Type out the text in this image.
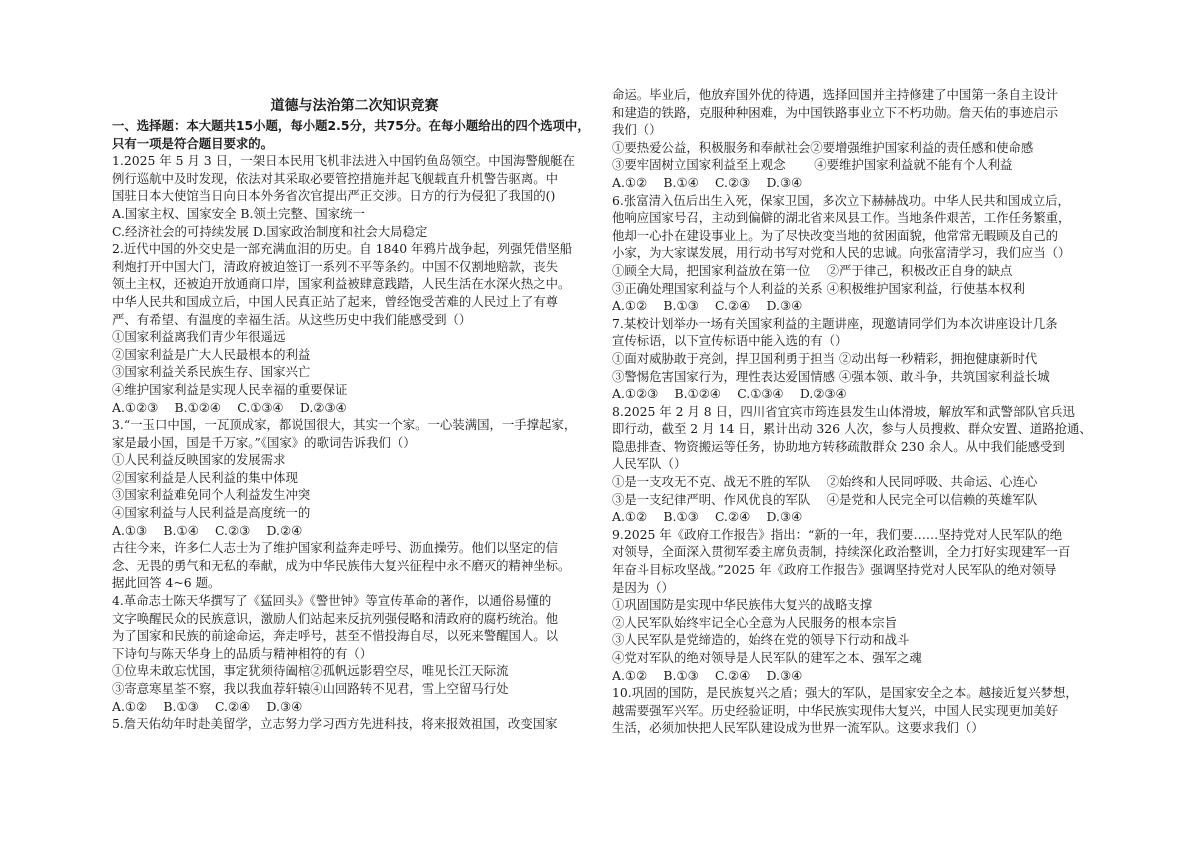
道德与法治第二次知识竞赛

一、选择题：本大题共15小题，每小题2.5分，共75分。在每小题给出的四个选项中，只有一项是符合题目要求的。

1.2025 年 5 月 3 日，一架日本民用飞机非法进入中国钓鱼岛领空。中国海警舰艇在
例行巡航中及时发现，依法对其采取必要管控措施并起飞舰载直升机警告驱离。中
国驻日本大使馆当日向日本外务省次官提出严正交涉。日方的行为侵犯了我国的()
A.国家主权、国家安全 B.领土完整、国家统一
C.经济社会的可持续发展 D.国家政治制度和社会大局稳定
2.近代中国的外交史是一部充满血泪的历史。自 1840 年鸦片战争起，列强凭借坚船
利炮打开中国大门，清政府被迫签订一系列不平等条约。中国不仅割地赔款，丧失
领土主权，还被迫开放通商口岸，国家利益被肆意践踏，人民生活在水深火热之中。
中华人民共和国成立后，中国人民真正站了起来，曾经饱受苦难的人民过上了有尊
严、有希望、有温度的幸福生活。从这些历史中我们能感受到（）
①国家利益离我们青少年很遥远
②国家利益是广大人民最根本的利益
③国家利益关系民族生存、国家兴亡
④维护国家利益是实现人民幸福的重要保证
A.①②③　 B.①②④　 C.①③④　 D.②③④
3.“一玉口中国，一瓦顶成家，都说国很大，其实一个家。一心装满国，一手撑起家，
家是最小国，国是千万家。”《国家》的歌词告诉我们（）
①人民利益反映国家的发展需求
②国家利益是人民利益的集中体现
③国家利益难免同个人利益发生冲突
④国家利益与人民利益是高度统一的
A.①③　 B.①④　 C.②③　 D.②④
古往今来，许多仁人志士为了维护国家利益奔走呼号、沥血操劳。他们以坚定的信
念、无畏的勇气和无私的奉献，成为中华民族伟大复兴征程中永不磨灭的精神坐标。
据此回答 4~6 题。
4.革命志士陈天华撰写了《猛回头》《警世钟》等宣传革命的著作，以通俗易懂的
文字唤醒民众的民族意识，激励人们站起来反抗列强侵略和清政府的腐朽统治。他
为了国家和民族的前途命运，奔走呼号，甚至不惜投海自尽，以死来警醒国人。以
下诗句与陈天华身上的品质与精神相符的有（）
①位卑未敢忘忧国，事定犹须待阖棺②孤帆远影碧空尽，唯见长江天际流
③寄意寒星荃不察，我以我血荐轩辕④山回路转不见君，雪上空留马行处
A.①②　 B.①③　 C.②④　 D.③④
5.詹天佑幼年时赴美留学，立志努力学习西方先进科技，将来报效祖国，改变国家
命运。毕业后，他放弃国外优的待遇，选择回国并主持修建了中国第一条自主设计
和建造的铁路，克服种种困难，为中国铁路事业立下不朽功勋。詹天佑的事迹启示
我们（）
①要热爱公益，积极服务和奉献社会②要增强维护国家利益的责任感和使命感
③要牢固树立国家利益至上观念　　 ④要维护国家利益就不能有个人利益
A.①②　 B.①④　 C.②③　 D.③④
6.张富清入伍后出生入死，保家卫国，多次立下赫赫战功。中华人民共和国成立后，
他响应国家号召，主动到偏僻的湖北省来凤县工作。当地条件艰苦，工作任务繁重，
他却一心扑在建设事业上。为了尽快改变当地的贫困面貌，他常常无暇顾及自己的
小家，为大家谋发展，用行动书写对党和人民的忠诚。向张富清学习，我们应当（）
①顾全大局，把国家利益放在第一位　 ②严于律己，积极改正自身的缺点
③正确处理国家利益与个人利益的关系 ④积极维护国家利益，行使基本权利
A.①②　 B.①③　 C.②④　 D.③④
7.某校计划举办一场有关国家利益的主题讲座，现邀请同学们为本次讲座设计几条
宣传标语，以下宣传标语中能入选的有（）
①面对威胁敢于亮剑，捍卫国利勇于担当 ②动出每一秒精彩，拥抱健康新时代
③警惕危害国家行为，理性表达爱国情感 ④强本领、敢斗争，共筑国家利益长城
A.①②③　 B.①②④　 C.①③④　 D.②③④
8.2025 年 2 月 8 日，四川省宜宾市筠连县发生山体滑坡，解放军和武警部队官兵迅
即行动，截至 2 月 14 日，累计出动 326 人次，参与人员搜救、群众安置、道路抢通、
隐患排查、物资搬运等任务，协助地方转移疏散群众 230 余人。从中我们能感受到
人民军队（）
①是一支攻无不克、战无不胜的军队　 ②始终和人民同呼吸、共命运、心连心
③是一支纪律严明、作风优良的军队　 ④是党和人民完全可以信赖的英雄军队
A.①②　 B.①③　 C.②④　 D.③④
9.2025 年《政府工作报告》指出：“新的一年，我们要……坚持党对人民军队的绝
对领导，全面深入贯彻军委主席负责制，持续深化政治整训，全力打好实现建军一百
年奋斗目标攻坚战。”2025 年《政府工作报告》强调坚持党对人民军队的绝对领导
是因为（）
①巩固国防是实现中华民族伟大复兴的战略支撑
②人民军队始终牢记全心全意为人民服务的根本宗旨
③人民军队是党缔造的，始终在党的领导下行动和战斗
④党对军队的绝对领导是人民军队的建军之本、强军之魂
A.①②　 B.①③　 C.②④　 D.③④
10.巩固的国防，是民族复兴之盾；强大的军队，是国家安全之本。越接近复兴梦想，
越需要强军兴军。历史经验证明，中华民族实现伟大复兴，中国人民实现更加美好
生活，必须加快把人民军队建设成为世界一流军队。这要求我们（）
